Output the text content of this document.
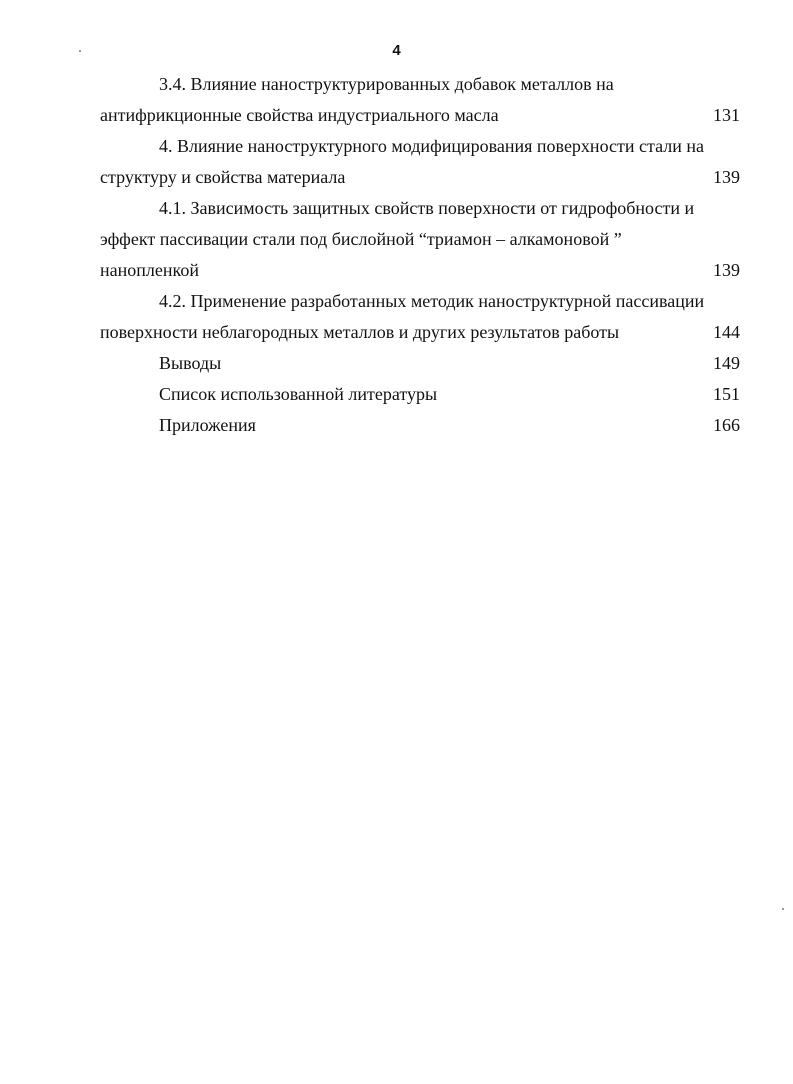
4
3.4. Влияние наноструктурированных добавок металлов на
антифрикционные свойства индустриального масла	131
4. Влияние наноструктурного модифицирования поверхности стали на
структуру и свойства материала	139
4.1. Зависимость защитных свойств поверхности от гидрофобности и
эффект пассивации стали под бислойной “триамон – алкамоновой ”
нанопленкой	139
4.2. Применение разработанных методик наноструктурной пассивации
поверхности неблагородных металлов и других результатов работы	144
Выводы	149
Список использованной литературы	151
Приложения	166
